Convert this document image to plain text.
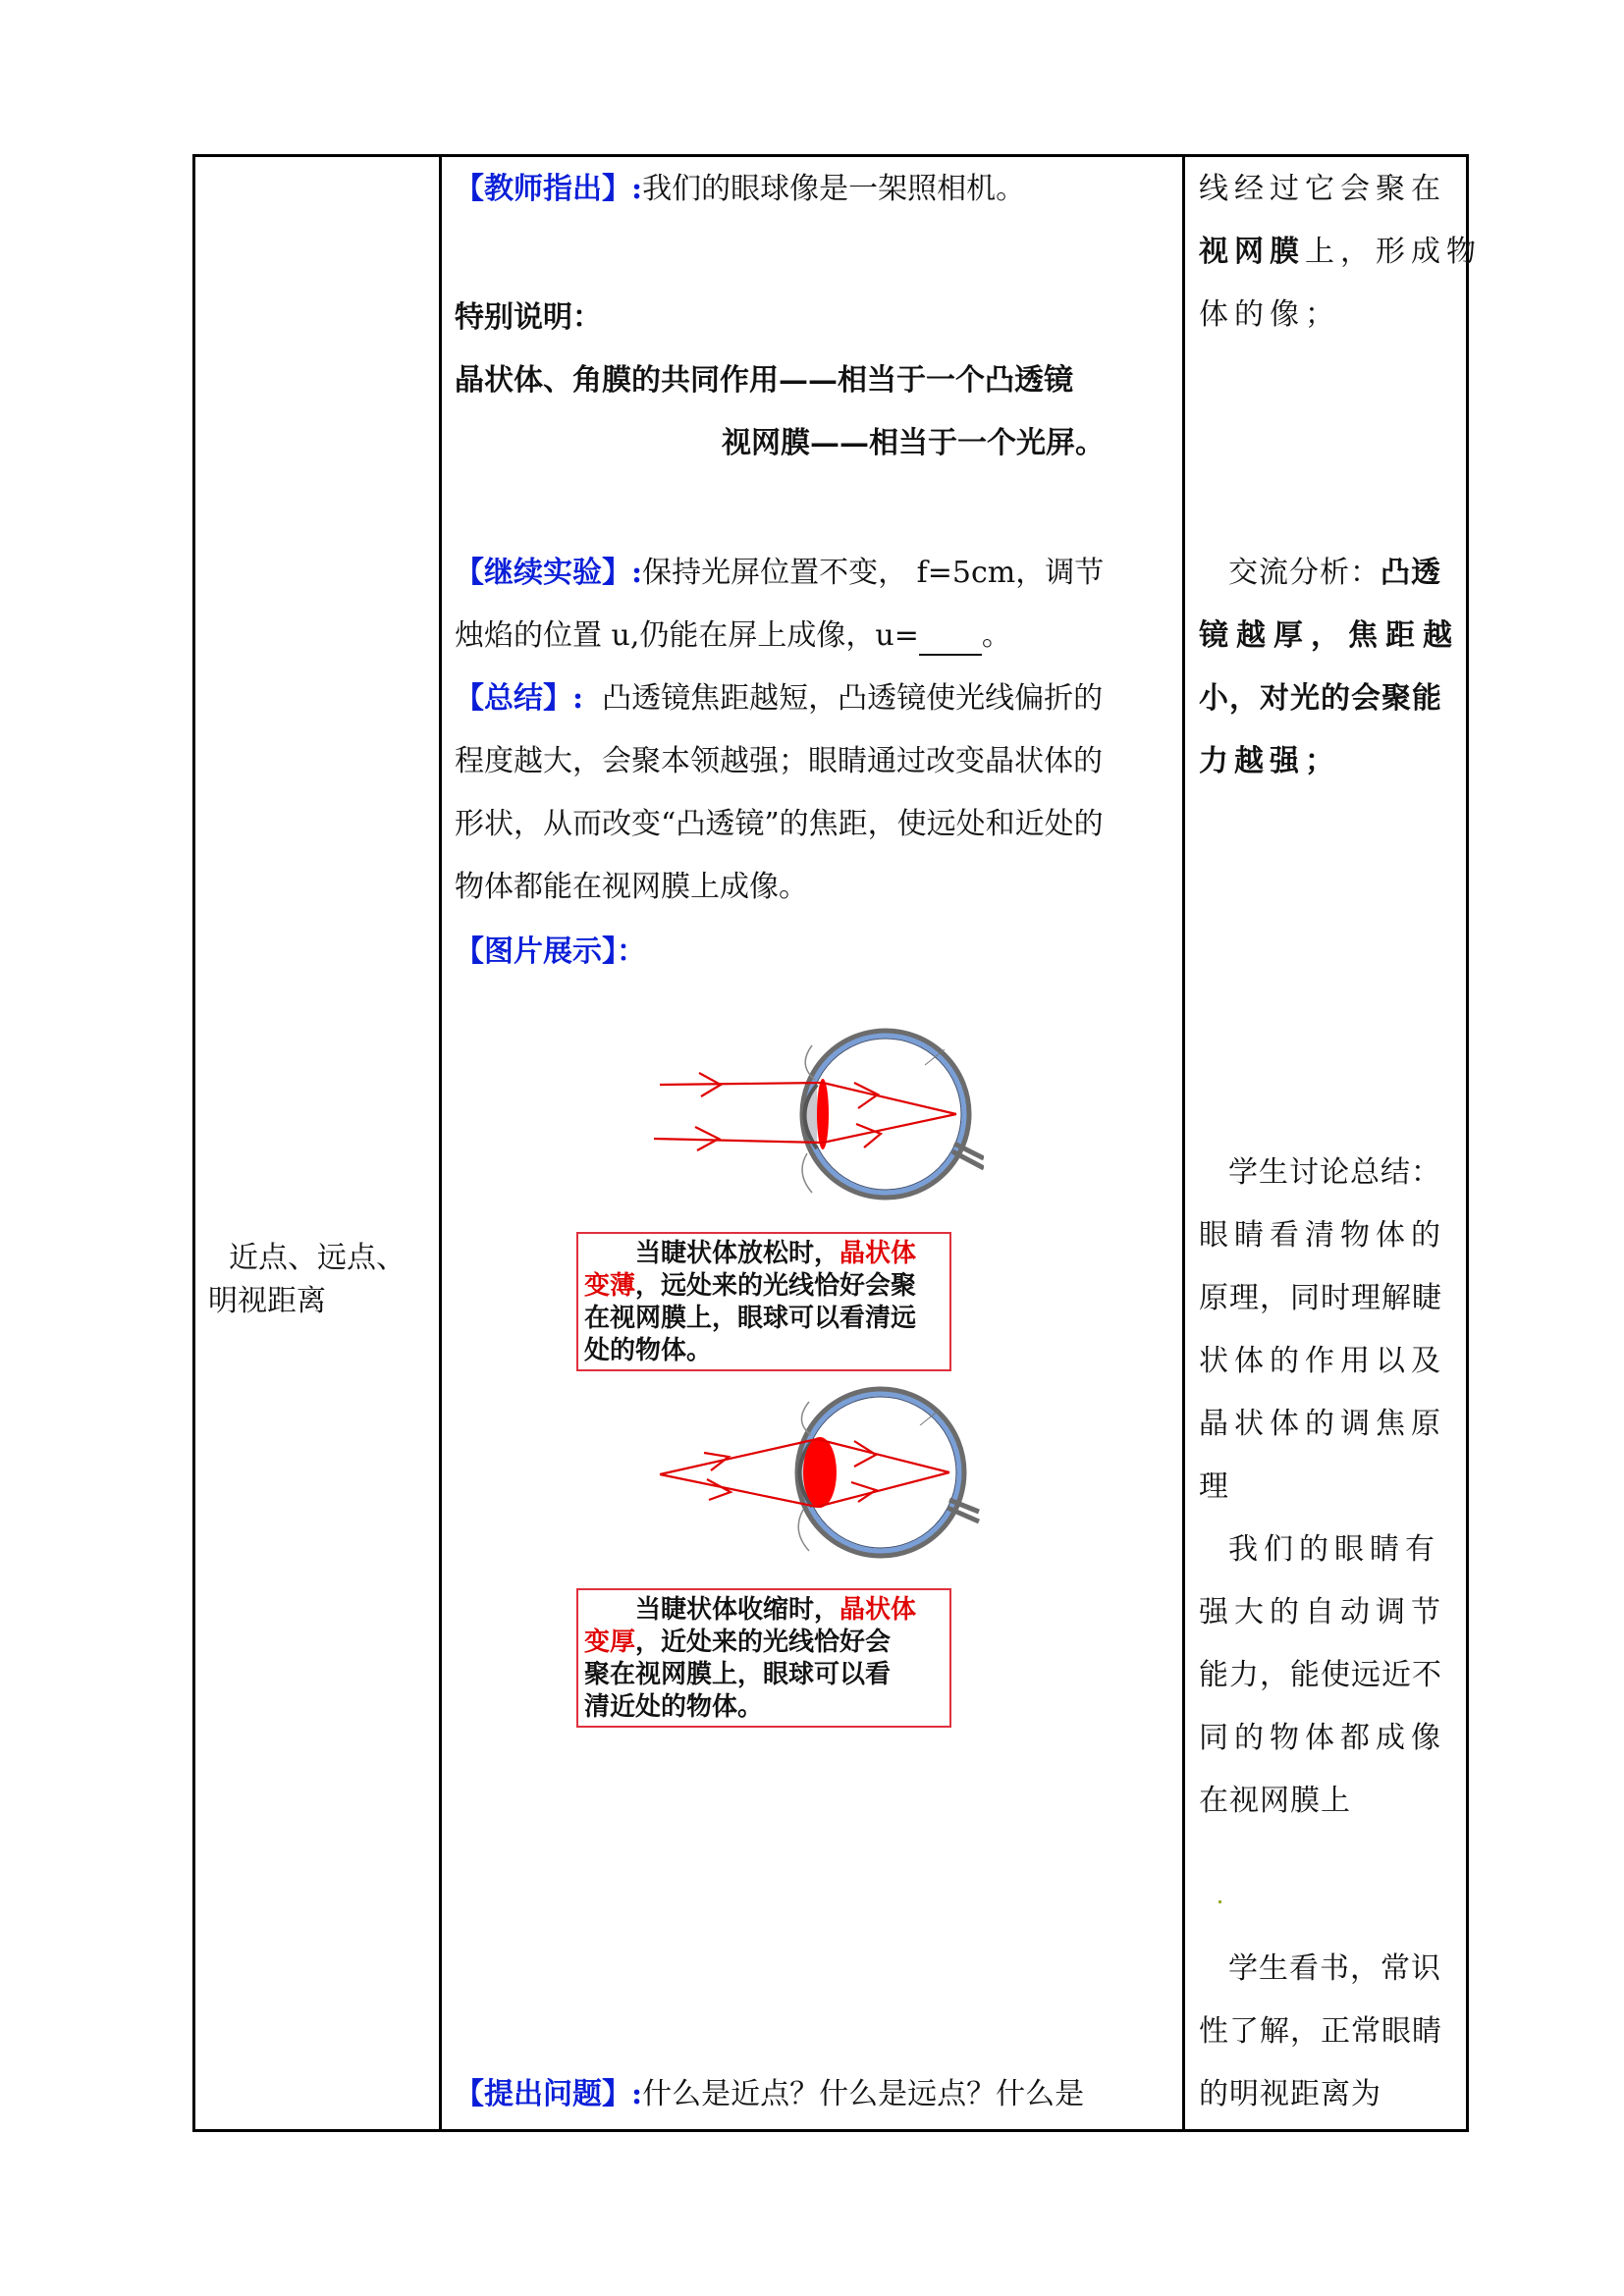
近点、远点、
明视距离
【教师指出】:我们的眼球像是一架照相机。
特别说明：
晶状体、角膜的共同作用——相当于一个凸透镜
视网膜——相当于一个光屏。
【继续实验】:保持光屏位置不变， f=5cm，调节
烛焰的位置 u,仍能在屏上成像，u= 。
【总结】: 凸透镜焦距越短，凸透镜使光线偏折的
程度越大，会聚本领越强；眼睛通过改变晶状体的
形状，从而改变“凸透镜”的焦距，使远处和近处的
物体都能在视网膜上成像。
【图片展示】：
当睫状体放松时，晶状体
变薄，远处来的光线恰好会聚
在视网膜上，眼球可以看清远
处的物体。
当睫状体收缩时，晶状体
变厚，近处来的光线恰好会
聚在视网膜上，眼球可以看
清近处的物体。
【提出问题】:什么是近点？什么是远点？什么是
线经过它会聚在
视网膜上，形成物
体的像；
交流分析：凸透
镜越厚，焦距越
小，对光的会聚能
力越强；
学生讨论总结：
眼睛看清物体的
原理，同时理解睫
状体的作用以及
晶状体的调焦原
理
我们的眼睛有
强大的自动调节
能力，能使远近不
同的物体都成像
在视网膜上
学生看书，常识
性了解，正常眼睛
的明视距离为
